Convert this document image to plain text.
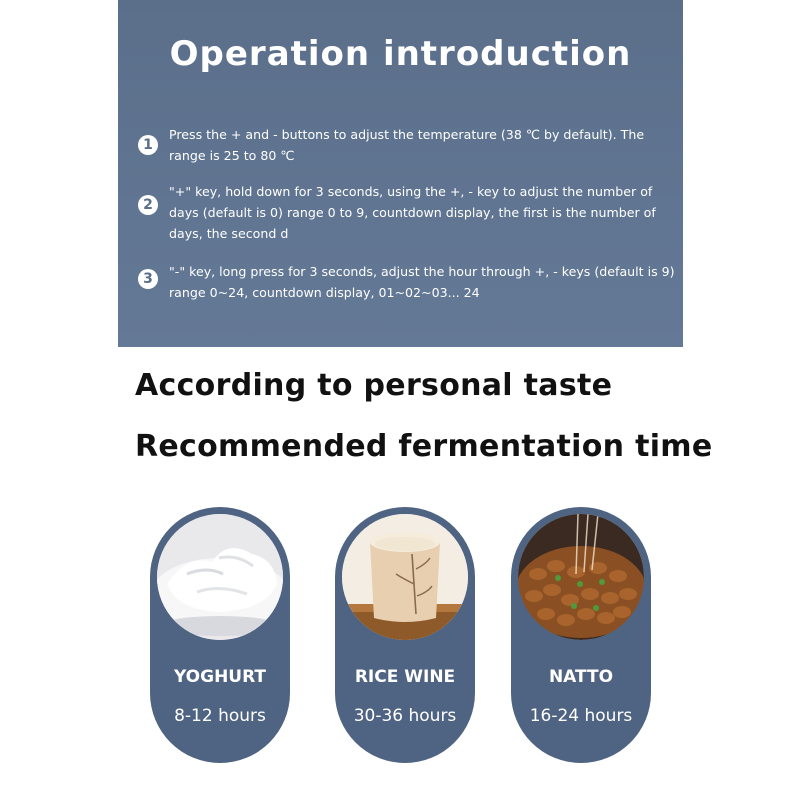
Operation introduction
1

Press the + and - buttons to adjust the temperature (38 ℃ by default). The range is 25 to 80 ℃

2

"+" key, hold down for 3 seconds, using the +, - key to adjust the number of days (default is 0) range 0 to 9, countdown display, the first is the number of days, the second d

3	"-" key, long press for 3 seconds, adjust the hour through +, - keys (default is 9) range 0~24, countdown display, 01~02~03... 24

According to personal taste
Recommended fermentation time
YOGHURT
8-12 hours
RICE WINE
30-36 hours
NATTO
16-24 hours
